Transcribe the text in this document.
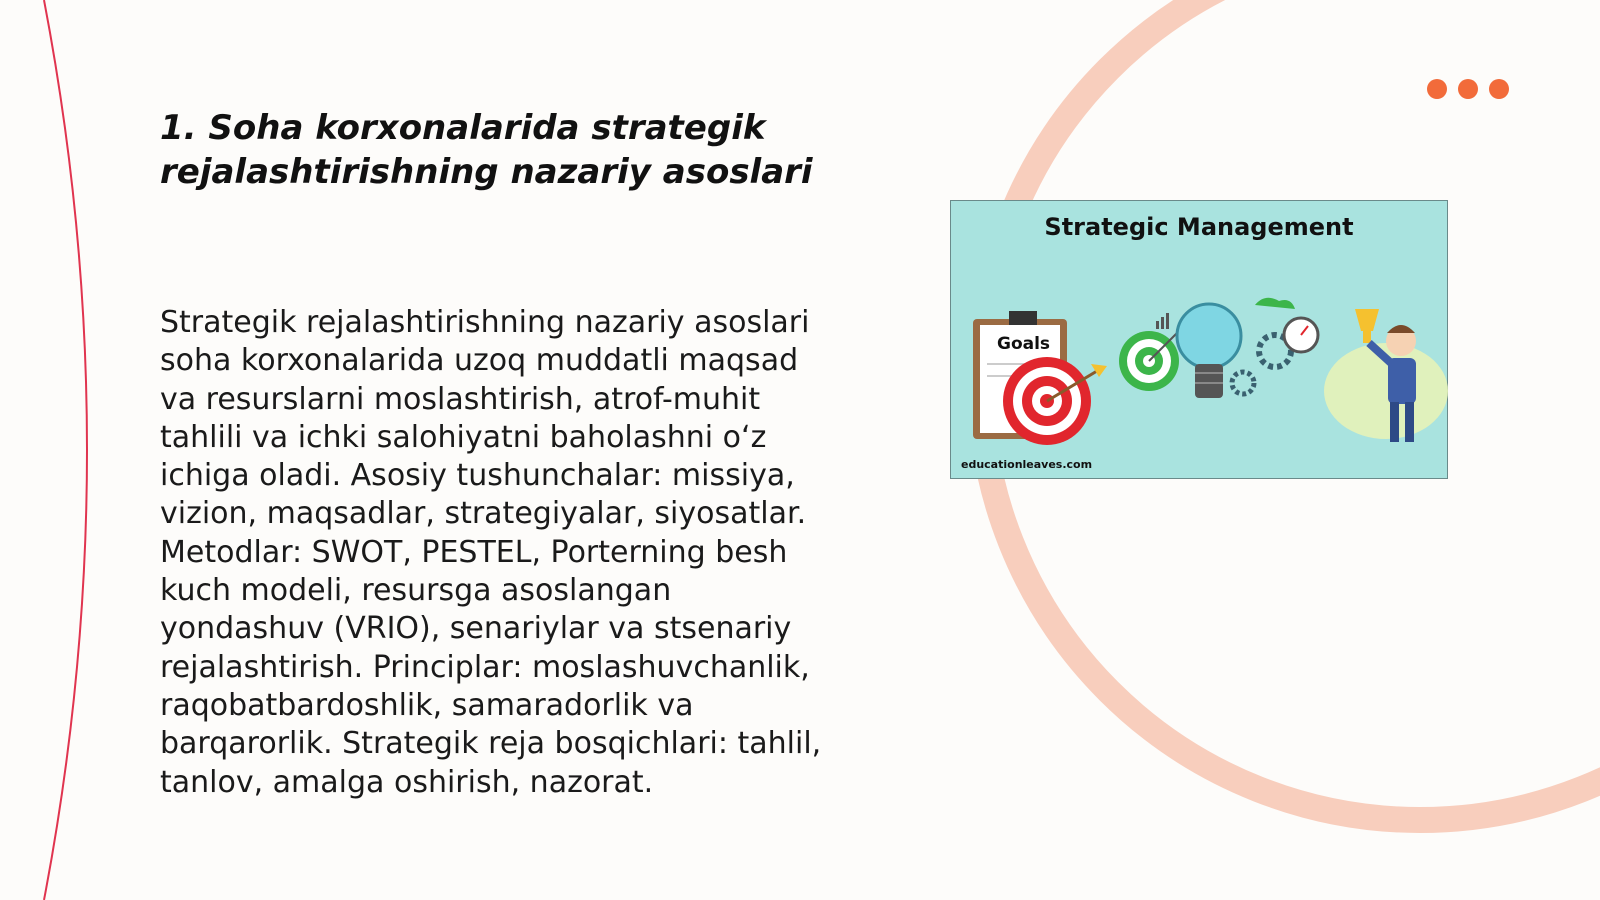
1. Soha korxonalarida strategik rejalashtirishning nazariy asoslari

Strategik rejalashtirishning nazariy asoslari soha korxonalarida uzoq muddatli maqsad va resurslarni moslashtirish, atrof-muhit tahlili va ichki salohiyatni baholashni o‘z ichiga oladi. Asosiy tushunchalar: missiya, vizion, maqsadlar, strategiyalar, siyosatlar. Metodlar: SWOT, PESTEL, Porterning besh kuch modeli, resursga asoslangan yondashuv (VRIO), senariylar va stsenariy rejalashtirish. Principlar: moslashuvchanlik, raqobatbardoshlik, samaradorlik va barqarorlik. Strategik reja bosqichlari: tahlil, tanlov, amalga oshirish, nazorat.

Strategic Management
Goals
educationleaves.com
